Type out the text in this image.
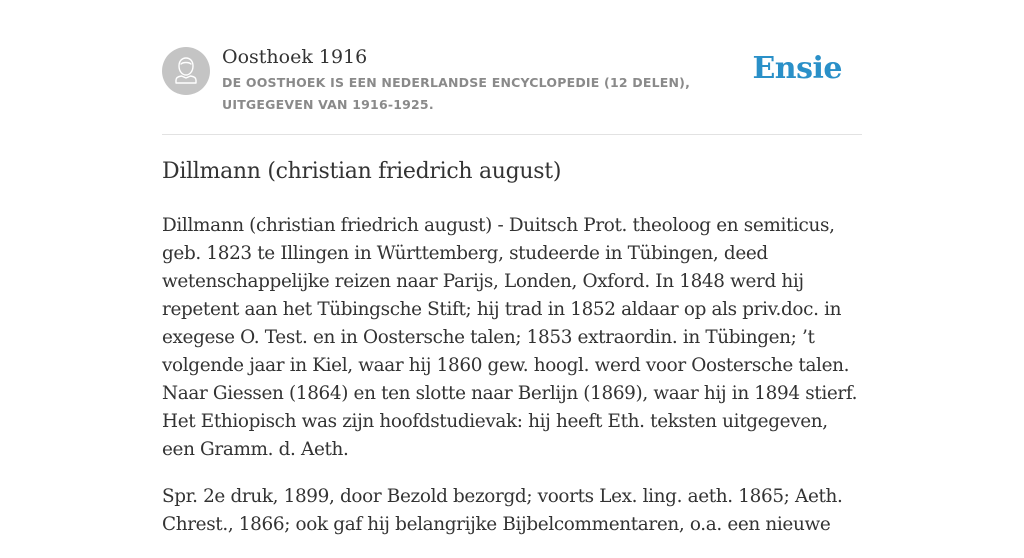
Oosthoek 1916
DE OOSTHOEK IS EEN NEDERLANDSE ENCYCLOPEDIE (12 DELEN), UITGEGEVEN VAN 1916-1925.
Ensie
Dillmann (christian friedrich august)

Dillmann (christian friedrich august) - Duitsch Prot. theoloog en semiticus, geb. 1823 te Illingen in Württemberg, studeerde in Tübingen, deed wetenschappelijke reizen naar Parijs, Londen, Oxford. In 1848 werd hij repetent aan het Tübingsche Stift; hij trad in 1852 aldaar op als priv.doc. in exegese O. Test. en in Oostersche talen; 1853 extraordin. in Tübingen; ’t volgende jaar in Kiel, waar hij 1860 gew. hoogl. werd voor Oostersche talen. Naar Giessen (1864) en ten slotte naar Berlijn (1869), waar hij in 1894 stierf. Het Ethiopisch was zijn hoofdstudievak: hij heeft Eth. teksten uitgegeven, een Gramm. d. Aeth.

Spr. 2e druk, 1899, door Bezold bezorgd; voorts Lex. ling. aeth. 1865; Aeth. Chrest., 1866; ook gaf hij belangrijke Bijbelcommentaren, o.a. een nieuwe
